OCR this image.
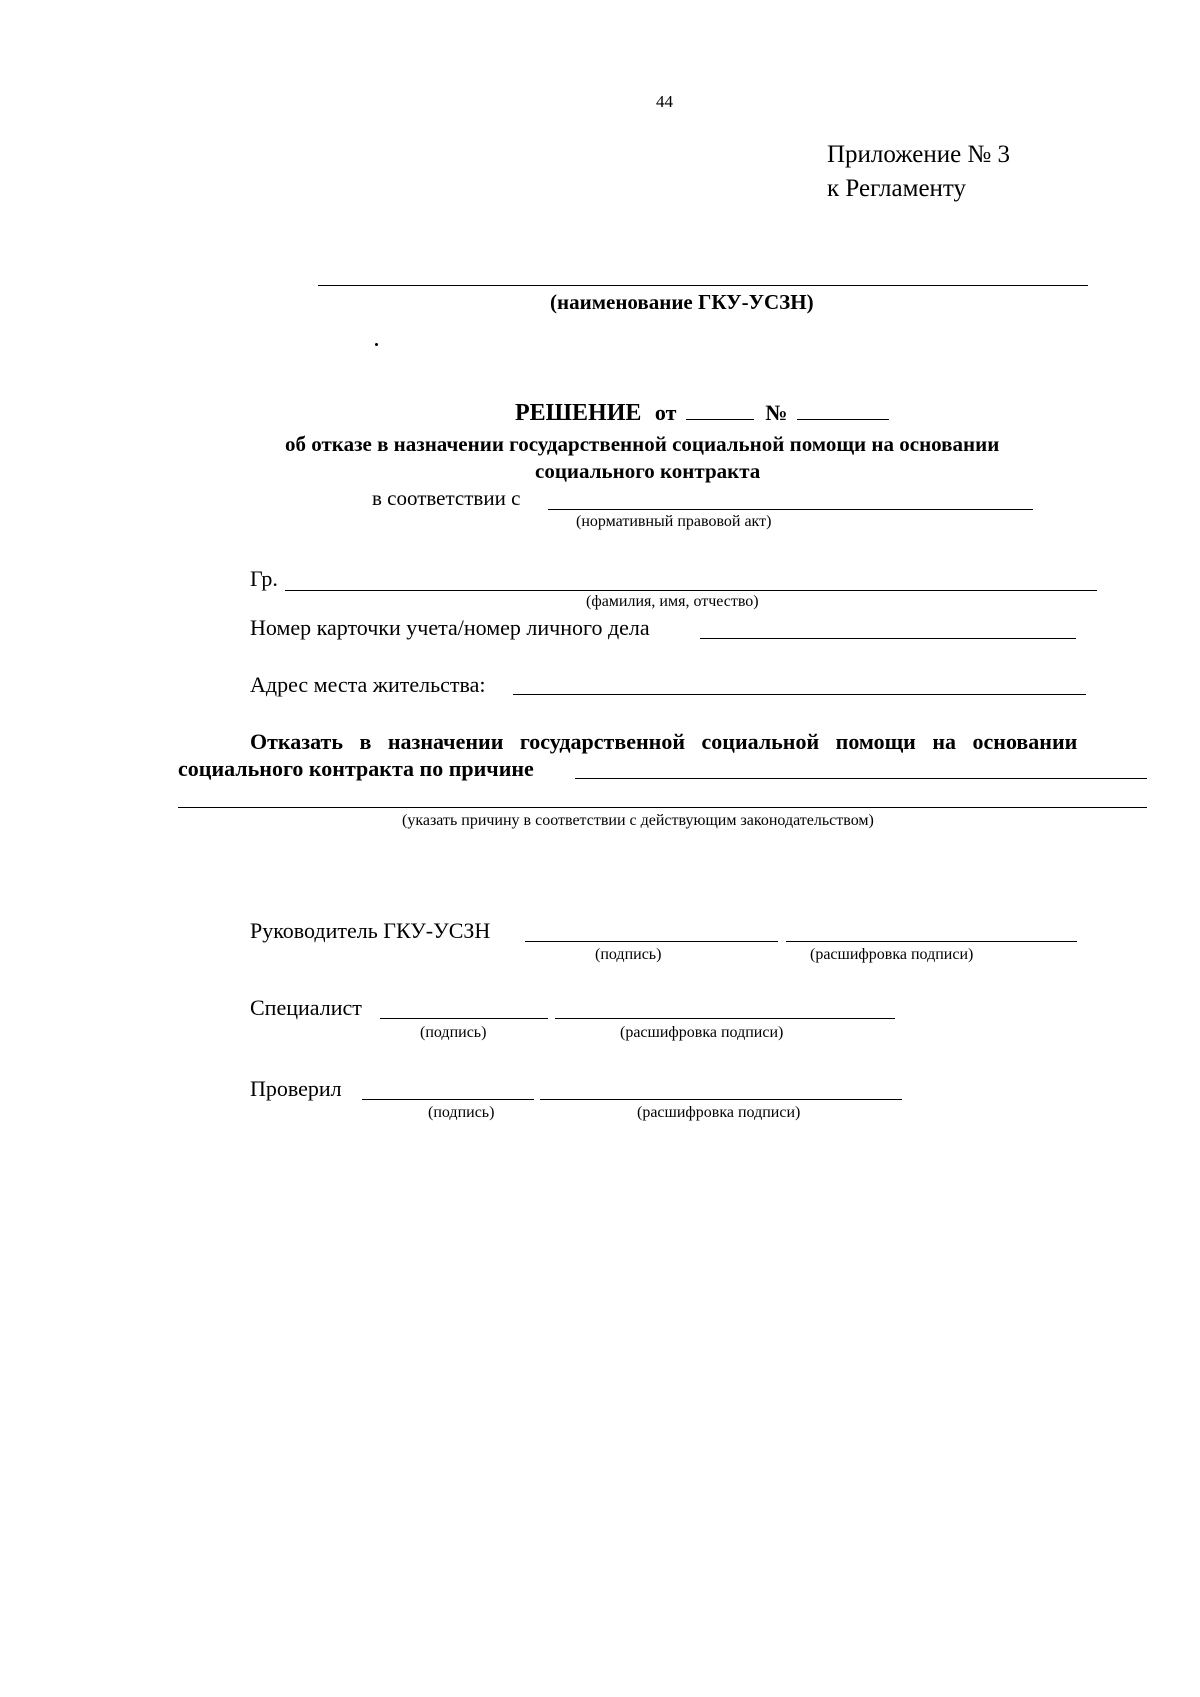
44
Приложение № 3
к Регламенту
(наименование ГКУ-УСЗН)
РЕШЕНИЕ от	№
об отказе в назначении государственной социальной помощи на основании
социального контракта
в соответствии с
(нормативный правовой акт)
Гр.
(фамилия, имя, отчество)
Номер карточки учета/номер личного дела
Адрес места жительства:
Отказать в назначении государственной социальной помощи на основании
социального контракта по причине
(указать причину в соответствии с действующим законодательством)
Руководитель ГКУ-УСЗН
(подпись)	(расшифровка подписи)
Специалист
(подпись)	(расшифровка подписи)
Проверил
(подпись)	(расшифровка подписи)
